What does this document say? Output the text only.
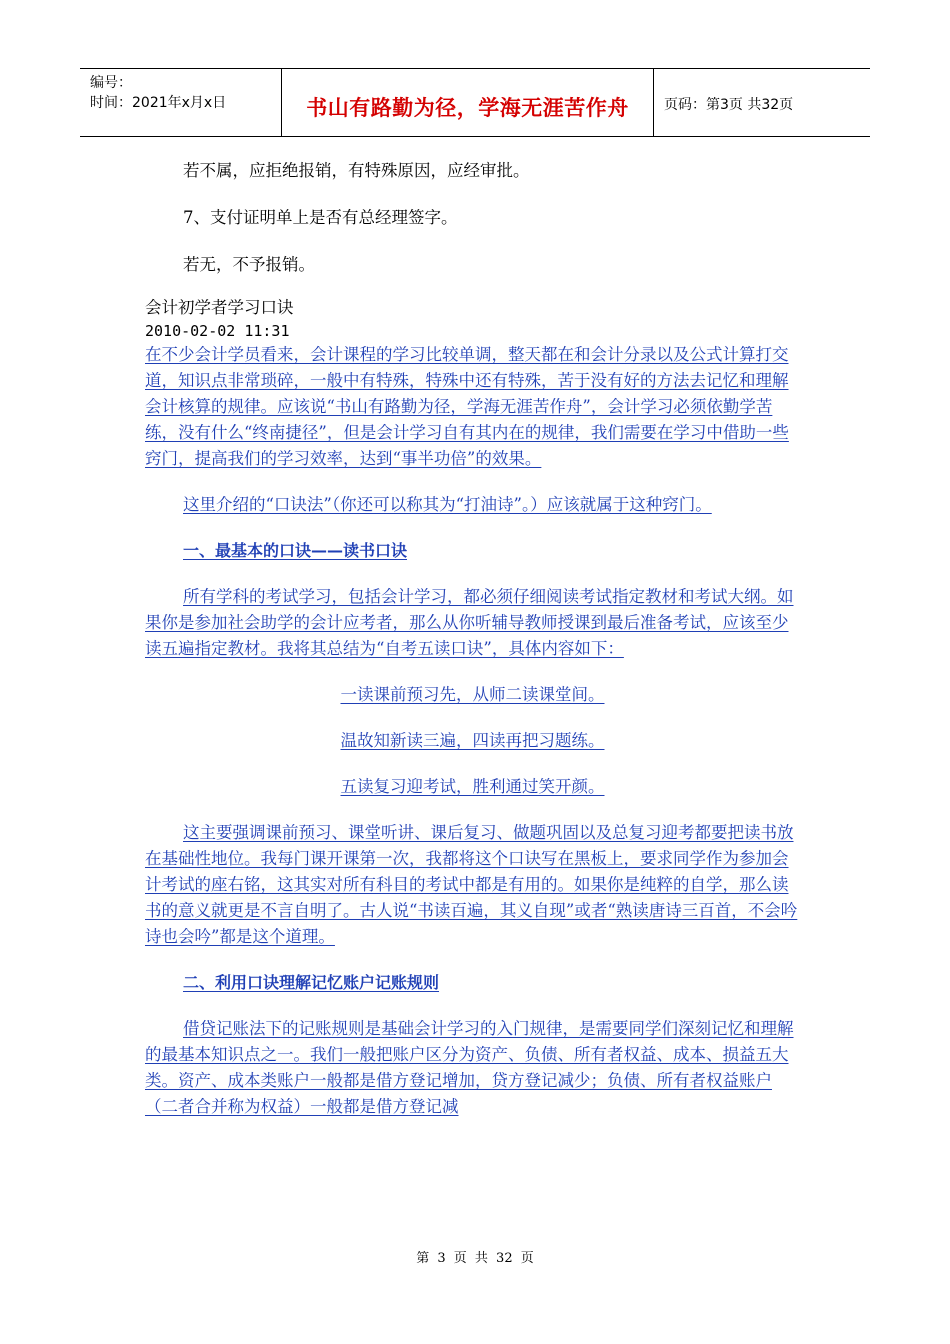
编号：
时间：2021年x月x日	书山有路勤为径，学海无涯苦作舟	页码：第3页 共32页

若不属，应拒绝报销，有特殊原因，应经审批。

7、支付证明单上是否有总经理签字。

若无，不予报销。

会计初学者学习口诀

2010-02-02 11:31

在不少会计学员看来，会计课程的学习比较单调，整天都在和会计分录以及公式计算打交道，知识点非常琐碎，一般中有特殊，特殊中还有特殊，苦于没有好的方法去记忆和理解会计核算的规律。应该说“书山有路勤为径，学海无涯苦作舟”，会计学习必须依勤学苦练，没有什么“终南捷径”，但是会计学习自有其内在的规律，我们需要在学习中借助一些窍门，提高我们的学习效率，达到“事半功倍”的效果。

这里介绍的“口诀法”（你还可以称其为“打油诗”。）应该就属于这种窍门。

一、最基本的口诀——读书口诀

所有学科的考试学习，包括会计学习，都必须仔细阅读考试指定教材和考试大纲。如果你是参加社会助学的会计应考者，那么从你听辅导教师授课到最后准备考试，应该至少读五遍指定教材。我将其总结为“自考五读口诀”，具体内容如下：

一读课前预习先，从师二读课堂间。

温故知新读三遍，四读再把习题练。

五读复习迎考试，胜利通过笑开颜。

这主要强调课前预习、课堂听讲、课后复习、做题巩固以及总复习迎考都要把读书放在基础性地位。我每门课开课第一次，我都将这个口诀写在黑板上，要求同学作为参加会计考试的座右铭，这其实对所有科目的考试中都是有用的。如果你是纯粹的自学，那么读书的意义就更是不言自明了。古人说“书读百遍，其义自现”或者“熟读唐诗三百首，不会吟诗也会吟”都是这个道理。

二、利用口诀理解记忆账户记账规则

借贷记账法下的记账规则是基础会计学习的入门规律，是需要同学们深刻记忆和理解的最基本知识点之一。我们一般把账户区分为资产、负债、所有者权益、成本、损益五大类。资产、成本类账户一般都是借方登记增加，贷方登记减少；负债、所有者权益账户（二者合并称为权益）一般都是借方登记减

第 3 页 共 32 页
